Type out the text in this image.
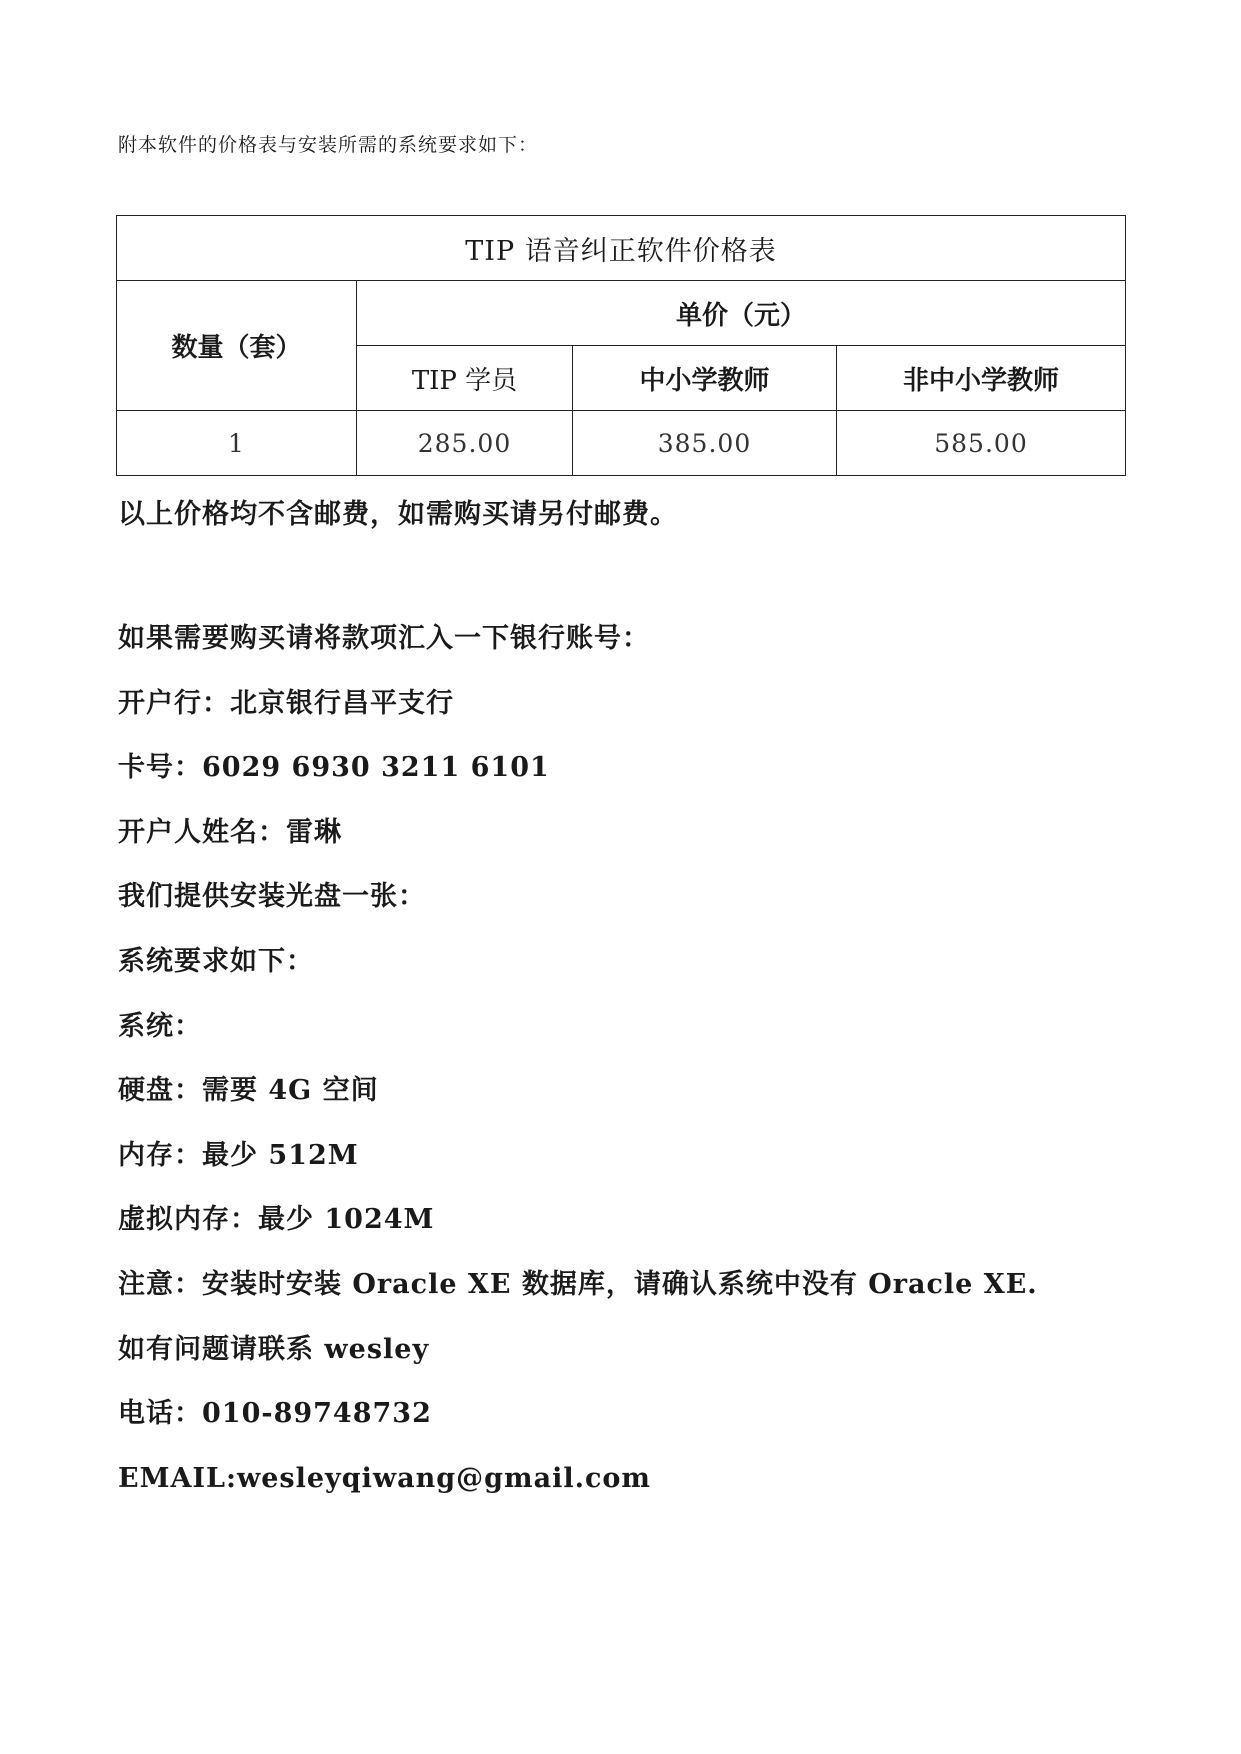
附本软件的价格表与安装所需的系统要求如下：
TIP 语音纠正软件价格表			
数量（套）	单价（元）		
	TIP 学员	中小学教师	非中小学教师
1	285.00	385.00	585.00
以上价格均不含邮费，如需购买请另付邮费。
如果需要购买请将款项汇入一下银行账号：
开户行：北京银行昌平支行
卡号：6029 6930 3211 6101
开户人姓名：雷琳
我们提供安装光盘一张：
系统要求如下：
系统：
硬盘：需要 4G 空间
内存：最少 512M
虚拟内存：最少 1024M
注意：安装时安装 Oracle XE 数据库，请确认系统中没有 Oracle XE.
如有问题请联系 wesley
电话：010-89748732
EMAIL:wesleyqiwang@gmail.com
